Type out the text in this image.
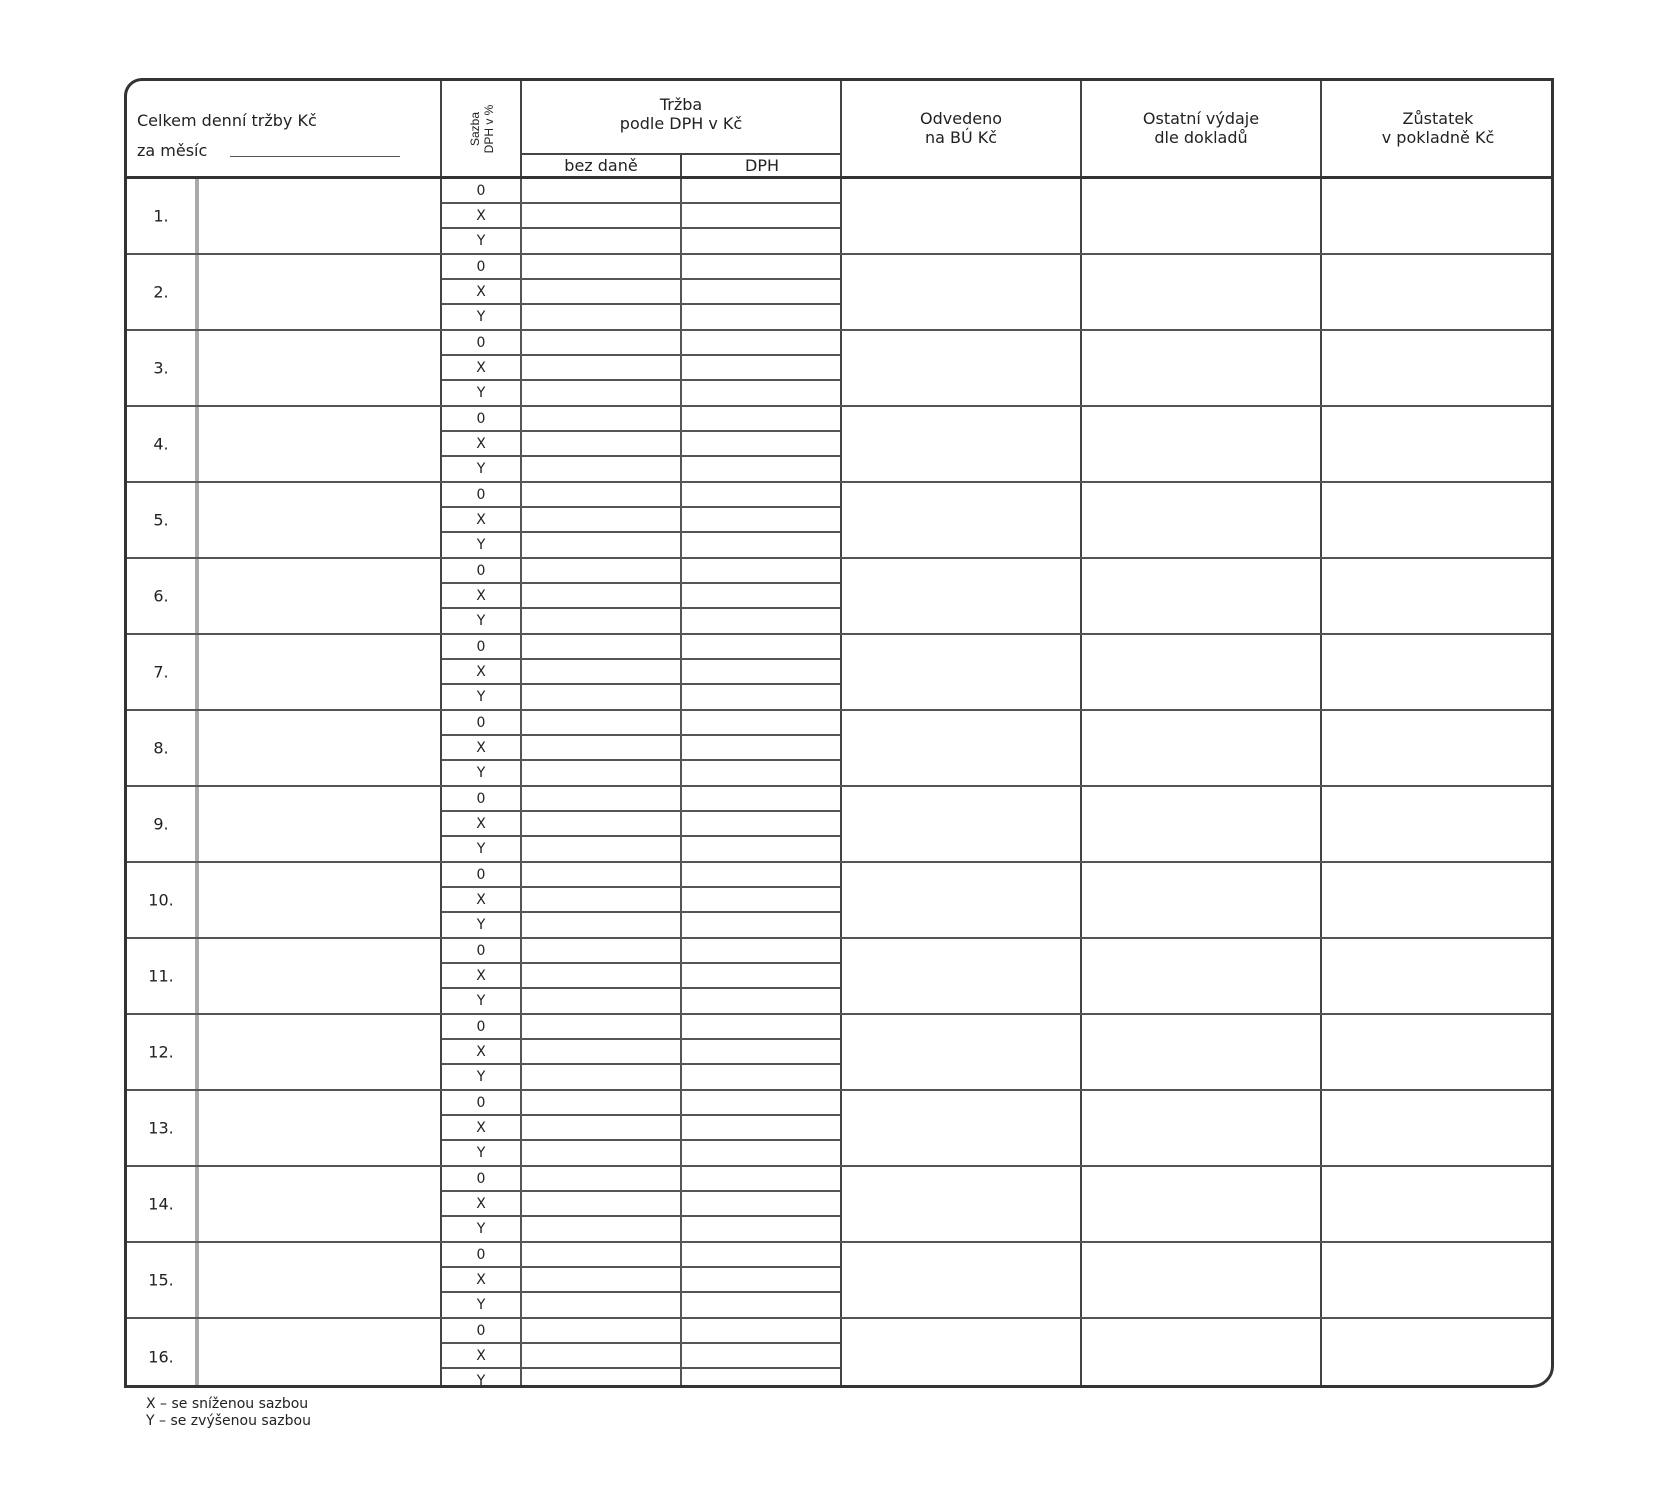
Celkem denní tržby Kč
za měsíc
Sazba DPH v %
Tržba
podle DPH v Kč
bez daně	DPH
Odvedeno
na BÚ Kč
Ostatní výdaje
dle dokladů
Zůstatek
v pokladně Kč
1.
0
X
Y
2.
0
X
Y
3.
0
X
Y
4.
0
X
Y
5.
0
X
Y
6.
0
X
Y
7.
0
X
Y
8.
0
X
Y
9.
0
X
Y
10.
0
X
Y
11.
0
X
Y
12.
0
X
Y
13.
0
X
Y
14.
0
X
Y
15.
0
X
Y
16.
0
X
Y
X – se sníženou sazbou
Y – se zvýšenou sazbou
